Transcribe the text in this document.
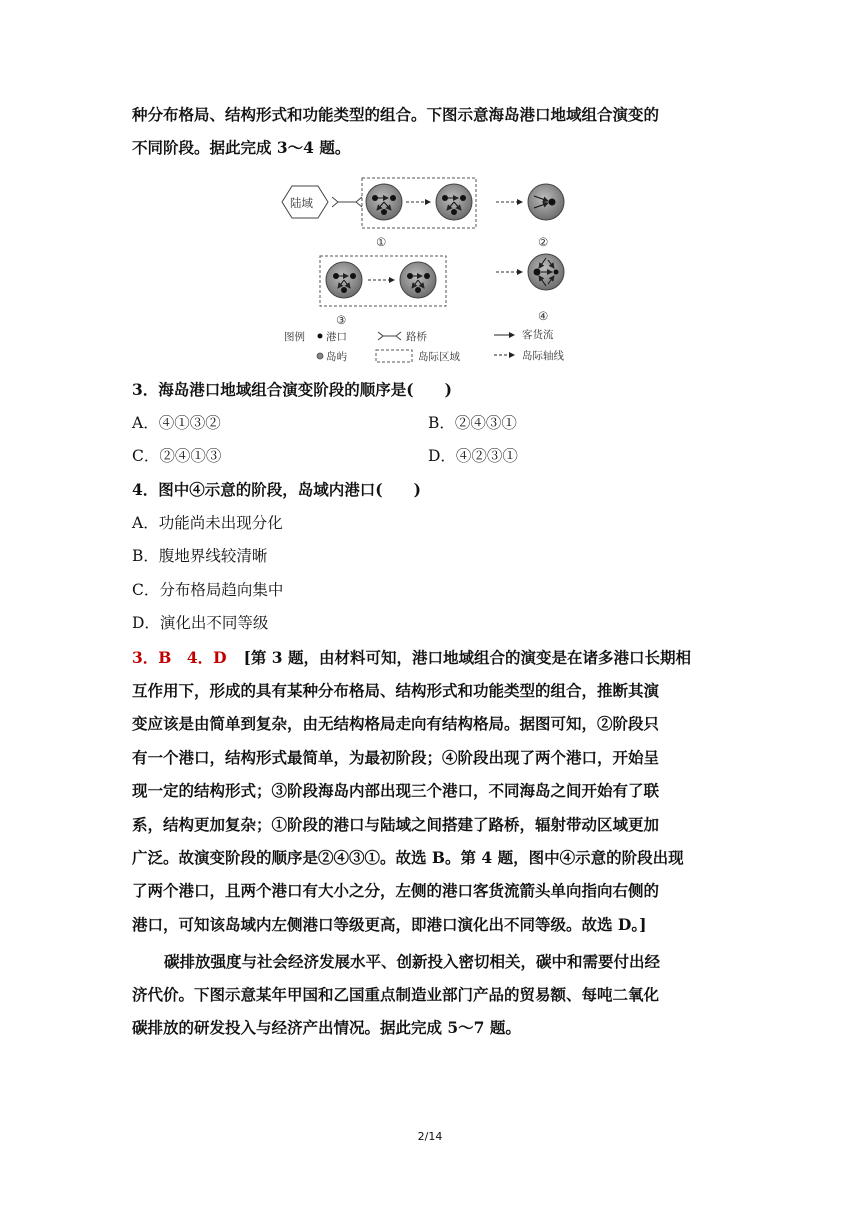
种分布格局、结构形式和功能类型的组合。下图示意海岛港口地域组合演变的
不同阶段。据此完成 3～4 题。
陆域
①	②
③	④
图例 港口
岛屿
路桥
岛际区域
客货流
岛际轴线
3．海岛港口地域组合演变阶段的顺序是(　　)
A．④①③②	B．②④③①
C．②④①③	D．④②③①
4．图中④示意的阶段，岛域内港口(　　)
A．功能尚未出现分化
B．腹地界线较清晰
C．分布格局趋向集中
D．演化出不同等级
3．B　4．D [第 3 题，由材料可知，港口地域组合的演变是在诸多港口长期相
互作用下，形成的具有某种分布格局、结构形式和功能类型的组合，推断其演
变应该是由简单到复杂，由无结构格局走向有结构格局。据图可知，②阶段只
有一个港口，结构形式最简单，为最初阶段；④阶段出现了两个港口，开始呈
现一定的结构形式；③阶段海岛内部出现三个港口，不同海岛之间开始有了联
系，结构更加复杂；①阶段的港口与陆域之间搭建了路桥，辐射带动区域更加
广泛。故演变阶段的顺序是②④③①。故选 B。第 4 题，图中④示意的阶段出现
了两个港口，且两个港口有大小之分，左侧的港口客货流箭头单向指向右侧的
港口，可知该岛域内左侧港口等级更高，即港口演化出不同等级。故选 D。]
碳排放强度与社会经济发展水平、创新投入密切相关，碳中和需要付出经
济代价。下图示意某年甲国和乙国重点制造业部门产品的贸易额、每吨二氧化
碳排放的研发投入与经济产出情况。据此完成 5～7 题。
2/14
